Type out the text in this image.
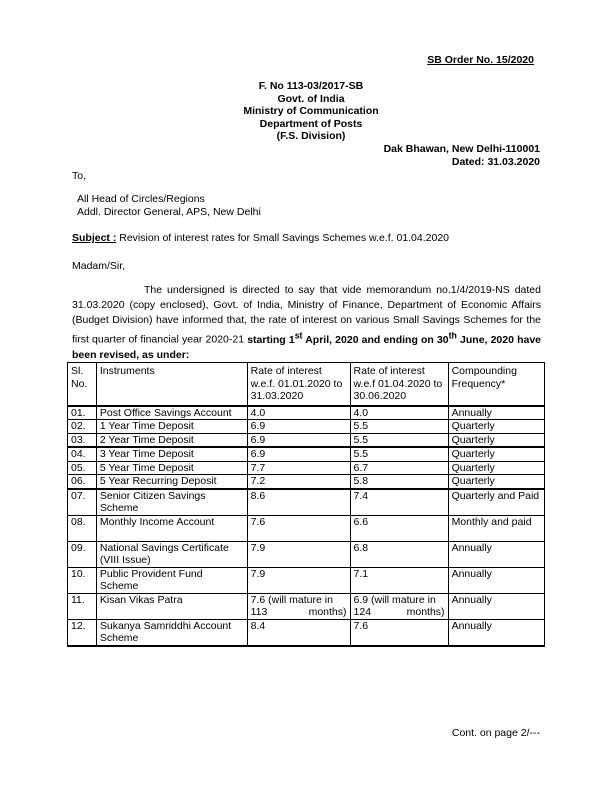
SB Order No. 15/2020
F. No 113-03/2017-SB
Govt. of India
Ministry of Communication
Department of Posts
(F.S. Division)
Dak Bhawan, New Delhi-110001
Dated: 31.03.2020
To,
All Head of Circles/Regions
Addl. Director General, APS, New Delhi
Subject : Revision of interest rates for Small Savings Schemes w.e.f. 01.04.2020
Madam/Sir,
The undersigned is directed to say that vide memorandum no.1/4/2019-NS dated 31.03.2020 (copy enclosed), Govt. of India, Ministry of Finance, Department of Economic Affairs (Budget Division) have informed that, the rate of interest on various Small Savings Schemes for the first quarter of financial year 2020-21 starting 1st April, 2020 and ending on 30th June, 2020 have been revised, as under:
Sl. No.	Instruments	Rate of interest w.e.f. 01.01.2020 to 31.03.2020	Rate of interest w.e.f 01.04.2020 to 30.06.2020	Compounding Frequency*
01.	Post Office Savings Account	4.0	4.0	Annually
02.	1 Year Time Deposit	6.9	5.5	Quarterly
03.	2 Year Time Deposit	6.9	5.5	Quarterly
04.	3 Year Time Deposit	6.9	5.5	Quarterly
05.	5 Year Time Deposit	7.7	6.7	Quarterly
06.	5 Year Recurring Deposit	7.2	5.8	Quarterly
07.	Senior Citizen Savings Scheme	8.6	7.4	Quarterly and Paid
08.	Monthly Income Account	7.6	6.6	Monthly and paid
09.	National Savings Certificate (VIII Issue)	7.9	6.8	Annually
10.	Public Provident Fund Scheme	7.9	7.1	Annually
11.	Kisan Vikas Patra	7.6 (will mature in 113 months)	6.9 (will mature in 124 months)	Annually
12.	Sukanya Samriddhi Account Scheme	8.4	7.6	Annually
Cont. on page 2/---
